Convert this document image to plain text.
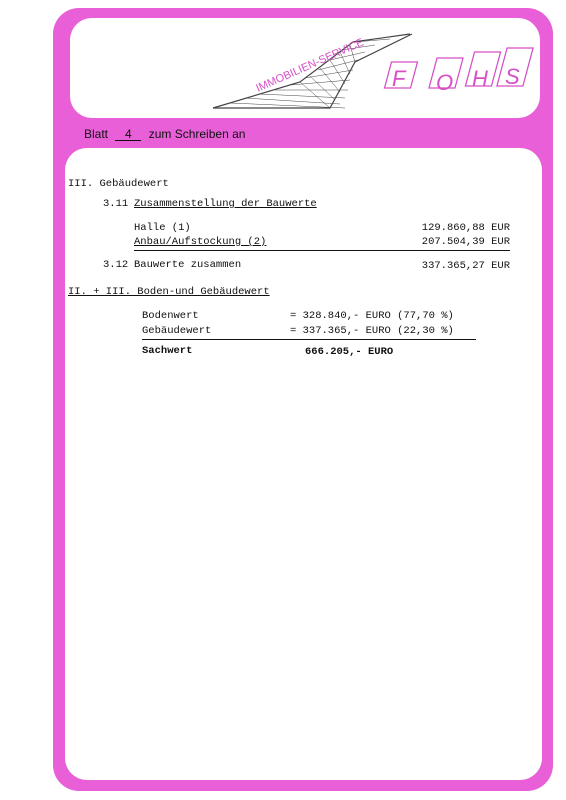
IMMOBILIEN-SERVICE F O H S
Blatt 4 zum Schreiben an
III. Gebäudewert
3.11 Zusammenstellung der Bauwerte
Halle (1)	129.860,88 EUR
Anbau/Aufstockung (2)	207.504,39 EUR
3.12 Bauwerte zusammen	337.365,27 EUR
II. + III. Boden-und Gebäudewert
Bodenwert	= 328.840,- EURO (77,70 %)
Gebäudewert	= 337.365,- EURO (22,30 %)
Sachwert	666.205,- EURO
